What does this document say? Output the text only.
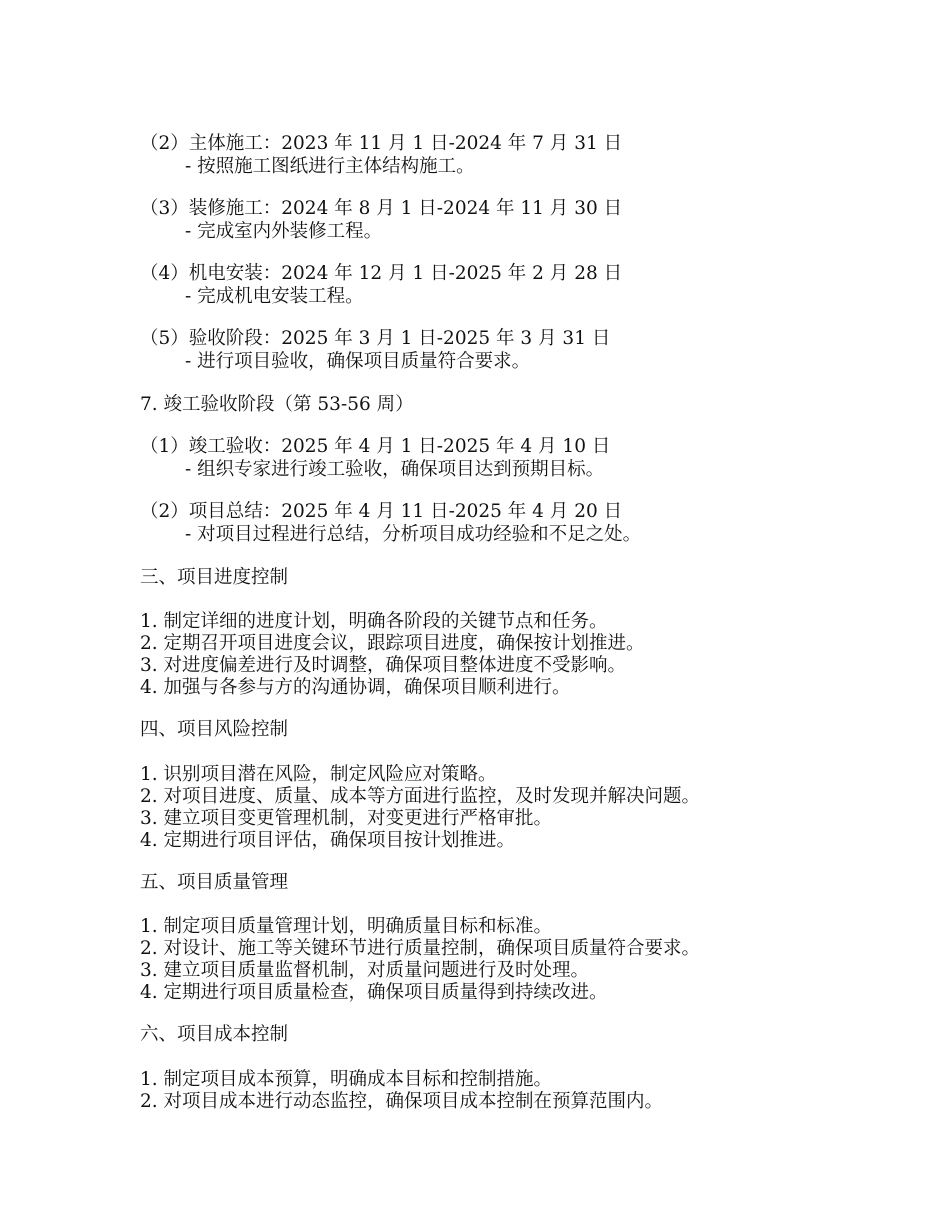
（2）主体施工：2023 年 11 月 1 日-2024 年 7 月 31 日
- 按照施工图纸进行主体结构施工。
（3）装修施工：2024 年 8 月 1 日-2024 年 11 月 30 日
- 完成室内外装修工程。
（4）机电安装：2024 年 12 月 1 日-2025 年 2 月 28 日
- 完成机电安装工程。
（5）验收阶段：2025 年 3 月 1 日-2025 年 3 月 31 日
- 进行项目验收，确保项目质量符合要求。
7. 竣工验收阶段（第 53-56 周）
（1）竣工验收：2025 年 4 月 1 日-2025 年 4 月 10 日
- 组织专家进行竣工验收，确保项目达到预期目标。
（2）项目总结：2025 年 4 月 11 日-2025 年 4 月 20 日
- 对项目过程进行总结，分析项目成功经验和不足之处。
三、项目进度控制
1. 制定详细的进度计划，明确各阶段的关键节点和任务。
2. 定期召开项目进度会议，跟踪项目进度，确保按计划推进。
3. 对进度偏差进行及时调整，确保项目整体进度不受影响。
4. 加强与各参与方的沟通协调，确保项目顺利进行。
四、项目风险控制
1. 识别项目潜在风险，制定风险应对策略。
2. 对项目进度、质量、成本等方面进行监控，及时发现并解决问题。
3. 建立项目变更管理机制，对变更进行严格审批。
4. 定期进行项目评估，确保项目按计划推进。
五、项目质量管理
1. 制定项目质量管理计划，明确质量目标和标准。
2. 对设计、施工等关键环节进行质量控制，确保项目质量符合要求。
3. 建立项目质量监督机制，对质量问题进行及时处理。
4. 定期进行项目质量检查，确保项目质量得到持续改进。
六、项目成本控制
1. 制定项目成本预算，明确成本目标和控制措施。
2. 对项目成本进行动态监控，确保项目成本控制在预算范围内。
